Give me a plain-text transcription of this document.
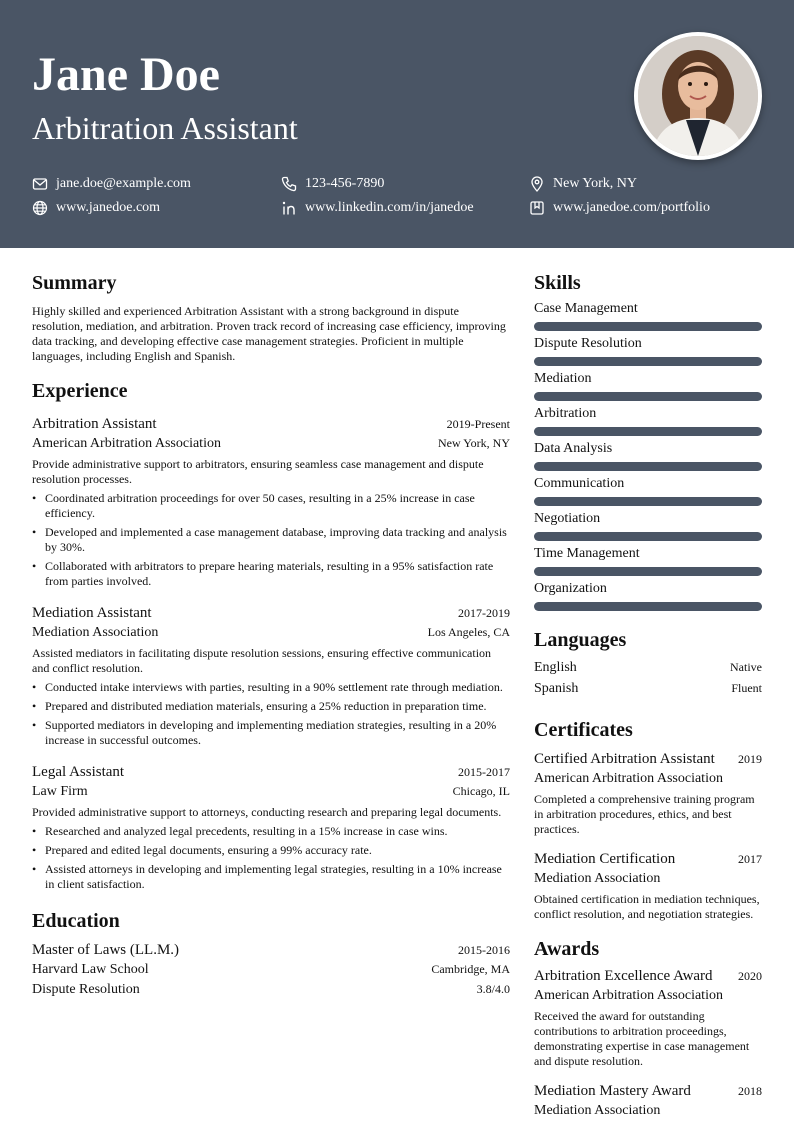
Jane Doe
Arbitration Assistant
jane.doe@example.com	123-456-7890	New York, NY
www.janedoe.com	www.linkedin.com/in/janedoe	www.janedoe.com/portfolio
Summary
Highly skilled and experienced Arbitration Assistant with a strong background in dispute resolution, mediation, and arbitration. Proven track record of increasing case efficiency, improving data tracking, and developing effective case management strategies. Proficient in multiple languages, including English and Spanish.
Experience
Arbitration Assistant	2019-Present
American Arbitration Association	New York, NY
Provide administrative support to arbitrators, ensuring seamless case management and dispute resolution processes.
• Coordinated arbitration proceedings for over 50 cases, resulting in a 25% increase in case efficiency.
• Developed and implemented a case management database, improving data tracking and analysis by 30%.
• Collaborated with arbitrators to prepare hearing materials, resulting in a 95% satisfaction rate from parties involved.
Mediation Assistant	2017-2019
Mediation Association	Los Angeles, CA
Assisted mediators in facilitating dispute resolution sessions, ensuring effective communication and conflict resolution.
• Conducted intake interviews with parties, resulting in a 90% settlement rate through mediation.
• Prepared and distributed mediation materials, ensuring a 25% reduction in preparation time.
• Supported mediators in developing and implementing mediation strategies, resulting in a 20% increase in successful outcomes.
Legal Assistant	2015-2017
Law Firm	Chicago, IL
Provided administrative support to attorneys, conducting research and preparing legal documents.
• Researched and analyzed legal precedents, resulting in a 15% increase in case wins.
• Prepared and edited legal documents, ensuring a 99% accuracy rate.
• Assisted attorneys in developing and implementing legal strategies, resulting in a 10% increase in client satisfaction.
Education
Master of Laws (LL.M.)	2015-2016
Harvard Law School	Cambridge, MA
Dispute Resolution	3.8/4.0
Skills
Case Management
Dispute Resolution
Mediation
Arbitration
Data Analysis
Communication
Negotiation
Time Management
Organization
Languages
English	Native
Spanish	Fluent
Certificates
Certified Arbitration Assistant 2019
American Arbitration Association
Completed a comprehensive training program in arbitration procedures, ethics, and best practices.
Mediation Certification	2017
Mediation Association
Obtained certification in mediation techniques, conflict resolution, and negotiation strategies.
Awards
Arbitration Excellence Award 2020
American Arbitration Association
Received the award for outstanding contributions to arbitration proceedings, demonstrating expertise in case management and dispute resolution.
Mediation Mastery Award	2018
Mediation Association
